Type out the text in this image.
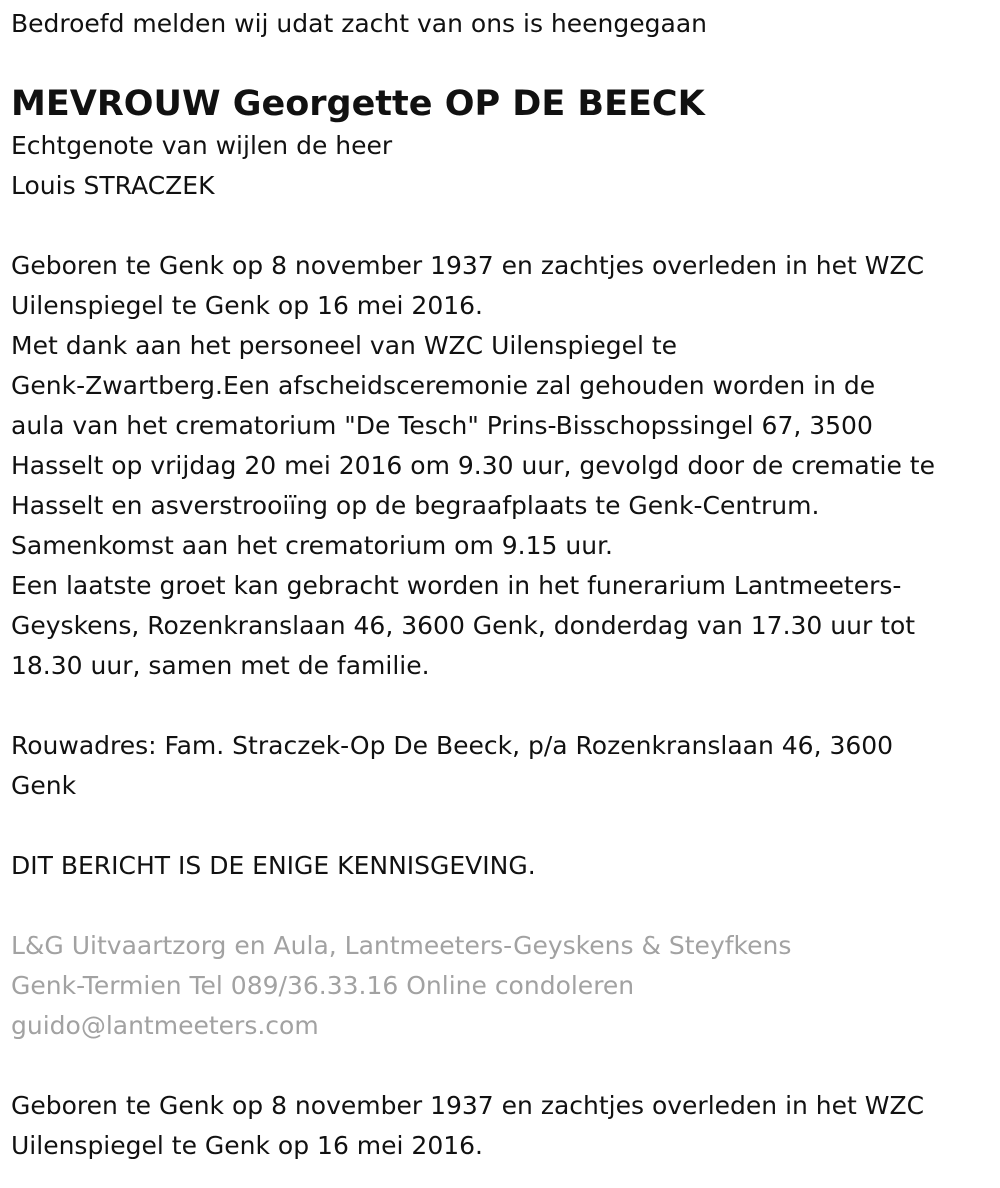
Bedroefd melden wij udat zacht van ons is heengegaan

MEVROUW Georgette OP DE BEECK

Echtgenote van wijlen de heer

Louis STRACZEK

Geboren te Genk op 8 november 1937 en zachtjes overleden in het WZC

Uilenspiegel te Genk op 16 mei 2016.

Met dank aan het personeel van WZC Uilenspiegel te

Genk-Zwartberg.Een afscheidsceremonie zal gehouden worden in de

aula van het crematorium "De Tesch" Prins-Bisschopssingel 67, 3500

Hasselt op vrijdag 20 mei 2016 om 9.30 uur, gevolgd door de crematie te

Hasselt en asverstrooiïng op de begraafplaats te Genk-Centrum.

Samenkomst aan het crematorium om 9.15 uur.

Een laatste groet kan gebracht worden in het funerarium Lantmeeters-

Geyskens, Rozenkranslaan 46, 3600 Genk, donderdag van 17.30 uur tot

18.30 uur, samen met de familie.

Rouwadres: Fam. Straczek-Op De Beeck, p/a Rozenkranslaan 46, 3600

Genk

DIT BERICHT IS DE ENIGE KENNISGEVING.

L&G Uitvaartzorg en Aula, Lantmeeters-Geyskens & Steyfkens

Genk-Termien Tel 089/36.33.16 Online condoleren

guido@lantmeeters.com

Geboren te Genk op 8 november 1937 en zachtjes overleden in het WZC

Uilenspiegel te Genk op 16 mei 2016.
